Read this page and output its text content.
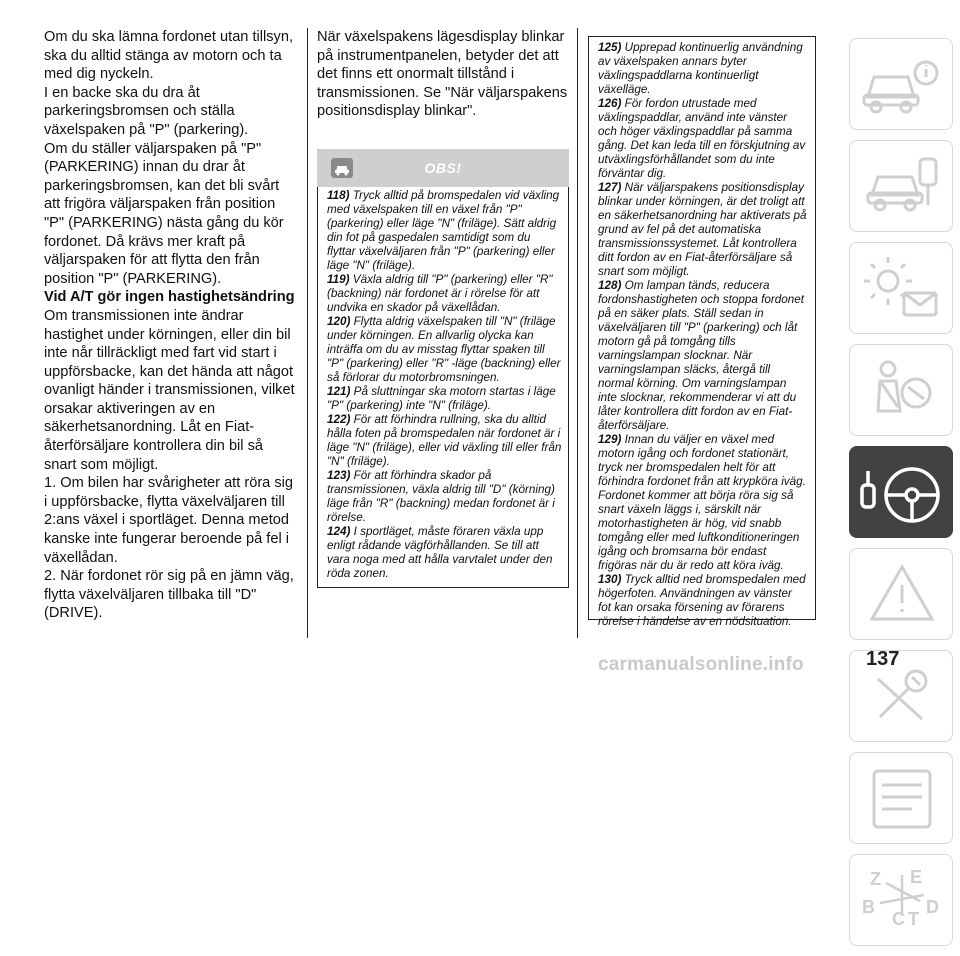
Om du ska lämna fordonet utan tillsyn, ska du alltid stänga av motorn och ta med dig nyckeln.

I en backe ska du dra åt parkeringsbromsen och ställa växelspaken på "P" (parkering).

Om du ställer väljarspaken på "P" (PARKERING) innan du drar åt parkeringsbromsen, kan det bli svårt att frigöra väljarspaken från position "P" (PARKERING) nästa gång du kör fordonet. Då krävs mer kraft på väljarspaken för att flytta den från position "P" (PARKERING).

Vid A/T gör ingen hastighetsändring

Om transmissionen inte ändrar hastighet under körningen, eller din bil inte når tillräckligt med fart vid start i uppförsbacke, kan det hända att något ovanligt händer i transmissionen, vilket orsakar aktiveringen av en säkerhetsanordning. Låt en Fiat-återförsäljare kontrollera din bil så snart som möjligt.

1. Om bilen har svårigheter att röra sig i uppförsbacke, flytta växelväljaren till 2:ans växel i sportläget. Denna metod kanske inte fungerar beroende på fel i växellådan.

2. När fordonet rör sig på en jämn väg, flytta växelväljaren tillbaka till "D" (DRIVE).

När växelspakens lägesdisplay blinkar på instrumentpanelen, betyder det att det finns ett onormalt tillstånd i transmissionen. Se "När väljarspakens positionsdisplay blinkar".

OBS!

118) Tryck alltid på bromspedalen vid växling med växelspaken till en växel från "P" (parkering) eller läge "N" (friläge). Sätt aldrig din fot på gaspedalen samtidigt som du flyttar växelväljaren från "P" (parkering) eller läge "N" (friläge).

119) Växla aldrig till "P" (parkering) eller "R" (backning) när fordonet är i rörelse för att undvika en skador på växellådan.

120) Flytta aldrig växelspaken till "N" (friläge under körningen. En allvarlig olycka kan inträffa om du av misstag flyttar spaken till "P" (parkering) eller "R" -läge (backning) eller så förlorar du motorbromsningen.

121) På sluttningar ska motorn startas i läge "P" (parkering) inte "N" (friläge).

122) För att förhindra rullning, ska du alltid hålla foten på bromspedalen när fordonet är i läge "N" (friläge), eller vid växling till eller från "N" (friläge).

123) För att förhindra skador på transmissionen, växla aldrig till "D" (körning) läge från "R" (backning) medan fordonet är i rörelse.

124) I sportläget, måste föraren växla upp enligt rådande vägförhållanden. Se till att vara noga med att hålla varvtalet under den röda zonen.

125) Upprepad kontinuerlig användning av växelspaken annars byter växlingspaddlarna kontinuerligt växelläge.

126) För fordon utrustade med växlingspaddlar, använd inte vänster och höger växlingspaddlar på samma gång. Det kan leda till en förskjutning av utväxlingsförhållandet som du inte förväntar dig.

127) När väljarspakens positionsdisplay blinkar under körningen, är det troligt att en säkerhetsanordning har aktiverats på grund av fel på det automatiska transmissionssystemet. Låt kontrollera ditt fordon av en Fiat-återförsäljare så snart som möjligt.

128) Om lampan tänds, reducera fordonshastigheten och stoppa fordonet på en säker plats. Ställ sedan in växelväljaren till "P" (parkering) och låt motorn gå på tomgång tills varningslampan slocknar. När varningslampan släcks, återgå till normal körning. Om varningslampan inte slocknar, rekommenderar vi att du låter kontrollera ditt fordon av en Fiat-återförsäljare.

129) Innan du väljer en växel med motorn igång och fordonet stationärt, tryck ner bromspedalen helt för att förhindra fordonet från att krypköra iväg. Fordonet kommer att börja röra sig så snart växeln läggs i, särskilt när motorhastigheten är hög, vid snabb tomgång eller med luftkonditioneringen igång och bromsarna bör endast frigöras när du är redo att köra iväg.

130) Tryck alltid ned bromspedalen med högerfoten. Användningen av vänster fot kan orsaka försening av förarens rörelse i händelse av en nödsituation.

Z E
B
C T
D
137
carmanualsonline.info
